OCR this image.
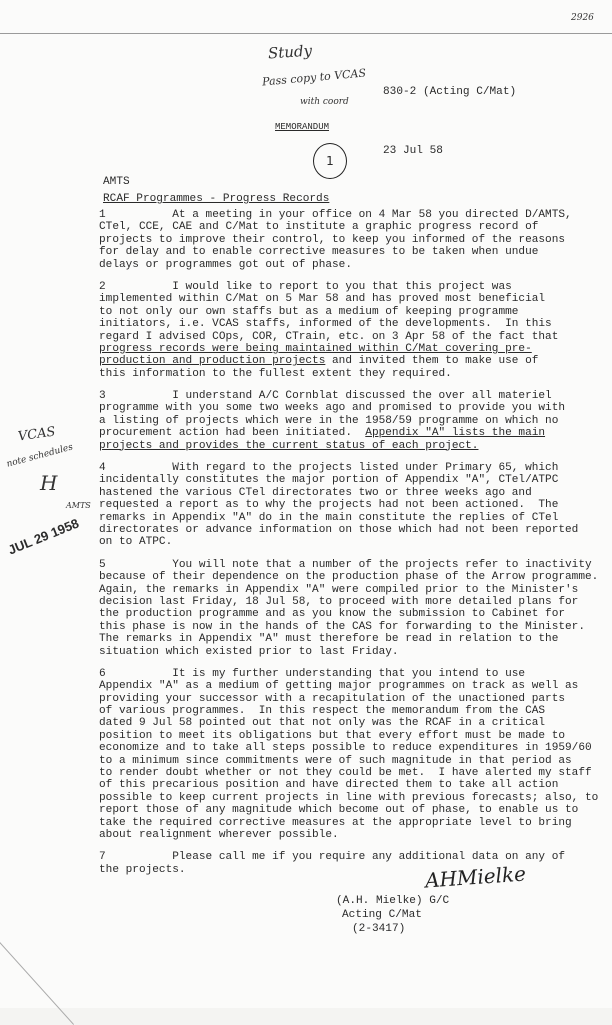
2926
Study
Pass copy to VCAS
with coord
830-2 (Acting C/Mat)
MEMORANDUM
1
23 Jul 58
AMTS
RCAF Programmes - Progress Records
1          At a meeting in your office on 4 Mar 58 you directed D/AMTS,
CTel, CCE, CAE and C/Mat to institute a graphic progress record of
projects to improve their control, to keep you informed of the reasons
for delay and to enable corrective measures to be taken when undue
delays or programmes got out of phase.
2          I would like to report to you that this project was
implemented within C/Mat on 5 Mar 58 and has proved most beneficial
to not only our own staffs but as a medium of keeping programme
initiators, i.e. VCAS staffs, informed of the developments.  In this
regard I advised COps, COR, CTrain, etc. on 3 Apr 58 of the fact that
progress records were being maintained within C/Mat covering pre-
production and production projects and invited them to make use of
this information to the fullest extent they required.
3          I understand A/C Cornblat discussed the over all materiel
programme with you some two weeks ago and promised to provide you with
a listing of projects which were in the 1958/59 programme on which no
procurement action had been initiated.  Appendix "A" lists the main
projects and provides the current status of each project.
4          With regard to the projects listed under Primary 65, which
incidentally constitutes the major portion of Appendix "A", CTel/ATPC
hastened the various CTel directorates two or three weeks ago and
requested a report as to why the projects had not been actioned.  The
remarks in Appendix "A" do in the main constitute the replies of CTel
directorates or advance information on those which had not been reported
on to ATPC.
5          You will note that a number of the projects refer to inactivity
because of their dependence on the production phase of the Arrow programme.
Again, the remarks in Appendix "A" were compiled prior to the Minister's
decision last Friday, 18 Jul 58, to proceed with more detailed plans for
the production programme and as you know the submission to Cabinet for
this phase is now in the hands of the CAS for forwarding to the Minister.
The remarks in Appendix "A" must therefore be read in relation to the
situation which existed prior to last Friday.
6          It is my further understanding that you intend to use
Appendix "A" as a medium of getting major programmes on track as well as
providing your successor with a recapitulation of the unactioned parts
of various programmes.  In this respect the memorandum from the CAS
dated 9 Jul 58 pointed out that not only was the RCAF in a critical
position to meet its obligations but that every effort must be made to
economize and to take all steps possible to reduce expenditures in 1959/60
to a minimum since commitments were of such magnitude in that period as
to render doubt whether or not they could be met.  I have alerted my staff
of this precarious position and have directed them to take all action
possible to keep current projects in line with previous forecasts; also, to
report those of any magnitude which become out of phase, to enable us to
take the required corrective measures at the appropriate level to bring
about realignment wherever possible.
7          Please call me if you require any additional data on any of
the projects.
VCAS
note schedules
H
AMTS
JUL 29 1958
AHMielke
(A.H. Mielke) G/C
Acting C/Mat
(2-3417)
